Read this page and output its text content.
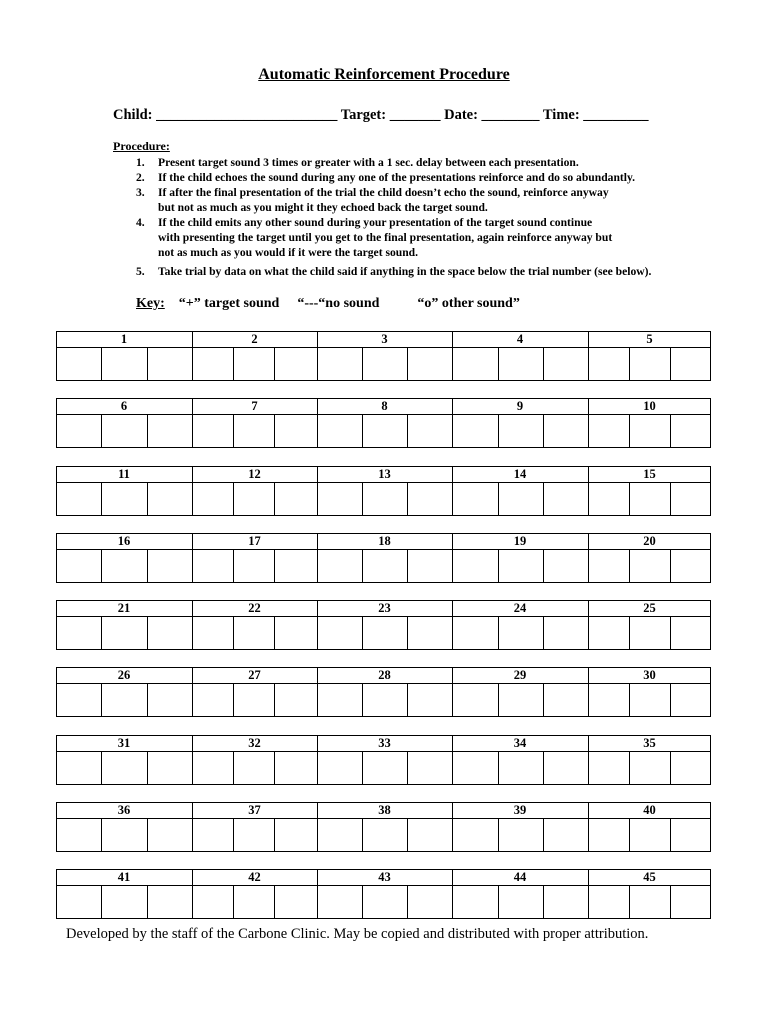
Automatic Reinforcement Procedure
Child: _________________________ Target: _______ Date: ________ Time: _________
Procedure:
1.	Present target sound 3 times or greater with a 1 sec. delay between each presentation.
2.	If the child echoes the sound during any one of the presentations reinforce and do so abundantly.
3.	If after the final presentation of the trial the child doesn’t echo the sound, reinforce anyway
but not as much as you might it they echoed back the target sound.
4.	If the child emits any other sound during your presentation of the target sound continue
with presenting the target until you get to the final presentation, again reinforce anyway but
not as much as you would if it were the target sound.
5.	Take trial by data on what the child said if anything in the space below the trial number (see below).
Key: “+” target sound “---“no sound	“o” other sound”
1	2	3	4	5
6	7	8	9	10
11	12	13	14	15
16	17	18	19	20
21	22	23	24	25
26	27	28	29	30
31	32	33	34	35
36	37	38	39	40
41	42	43	44	45
Developed by the staff of the Carbone Clinic. May be copied and distributed with proper attribution.
